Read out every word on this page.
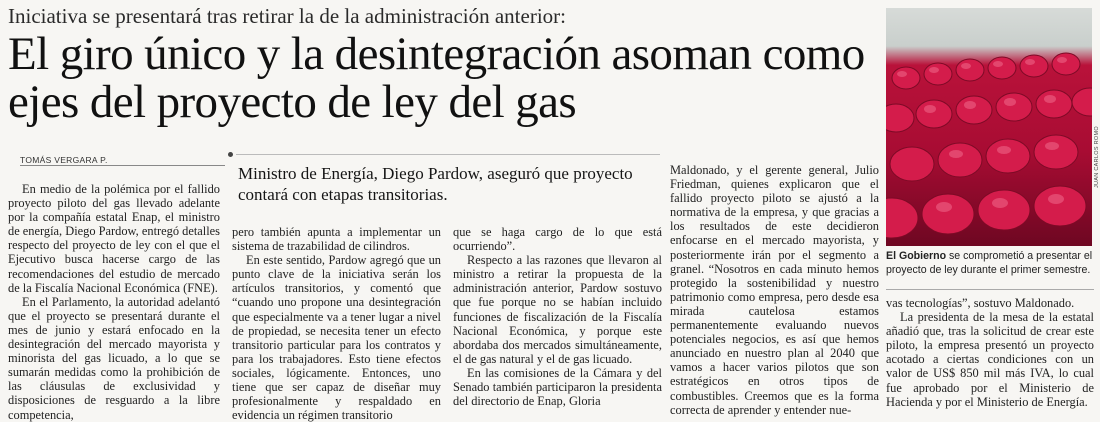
Iniciativa se presentará tras retirar la de la administración anterior:
El giro único y la desintegración asoman como ejes del proyecto de ley del gas
TOMÁS VERGARA P.
Ministro de Energía, Diego Pardow, aseguró que proyecto contará con etapas transitorias.

En medio de la polémica por el fallido proyecto piloto del gas llevado adelante por la compañía estatal Enap, el ministro de energía, Diego Pardow, entregó detalles respecto del proyecto de ley con el que el Ejecutivo busca hacerse cargo de las recomendaciones del estudio de mercado de la Fiscalía Nacional Económica (FNE).

En el Parlamento, la autoridad adelantó que el proyecto se presentará durante el mes de junio y estará enfocado en la desintegración del mercado mayorista y minorista del gas licuado, a lo que se sumarán medidas como la prohibición de las cláusulas de exclusividad y disposiciones de resguardo a la libre competencia,

pero también apunta a implementar un sistema de trazabilidad de cilindros.

En este sentido, Pardow agregó que un punto clave de la iniciativa serán los artículos transitorios, y comentó que “cuando uno propone una desintegración que especialmente va a tener lugar a nivel de propiedad, se necesita tener un efecto transitorio particular para los contratos y para los trabajadores. Esto tiene efectos sociales, lógicamente. Entonces, uno tiene que ser capaz de diseñar muy profesionalmente y respaldado en evidencia un régimen transitorio

que se haga cargo de lo que está ocurriendo”.

Respecto a las razones que llevaron al ministro a retirar la propuesta de la administración anterior, Pardow sostuvo que fue porque no se habían incluido funciones de fiscalización de la Fiscalía Nacional Económica, y porque este abordaba dos mercados simultáneamente, el de gas natural y el de gas licuado.

En las comisiones de la Cámara y del Senado también participaron la presidenta del directorio de Enap, Gloria

Maldonado, y el gerente general, Julio Friedman, quienes explicaron que el fallido proyecto piloto se ajustó a la normativa de la empresa, y que gracias a los resultados de este decidieron enfocarse en el mercado mayorista, y posteriormente irán por el segmento a granel. “Nosotros en cada minuto hemos protegido la sostenibilidad y nuestro patrimonio como empresa, pero desde esa mirada cautelosa estamos permanentemente evaluando nuevos potenciales negocios, es así que hemos anunciado en nuestro plan al 2040 que vamos a hacer varios pilotos que son estratégicos en otros tipos de combustibles. Creemos que es la forma correcta de aprender y entender nue-

JUAN CARLOS ROMO
El Gobierno se comprometió a presentar el proyecto de ley durante el primer semestre.

vas tecnologías”, sostuvo Maldonado.

La presidenta de la mesa de la estatal añadió que, tras la solicitud de crear este piloto, la empresa presentó un proyecto acotado a ciertas condiciones con un valor de US$ 850 mil más IVA, lo cual fue aprobado por el Ministerio de Hacienda y por el Ministerio de Energía.
